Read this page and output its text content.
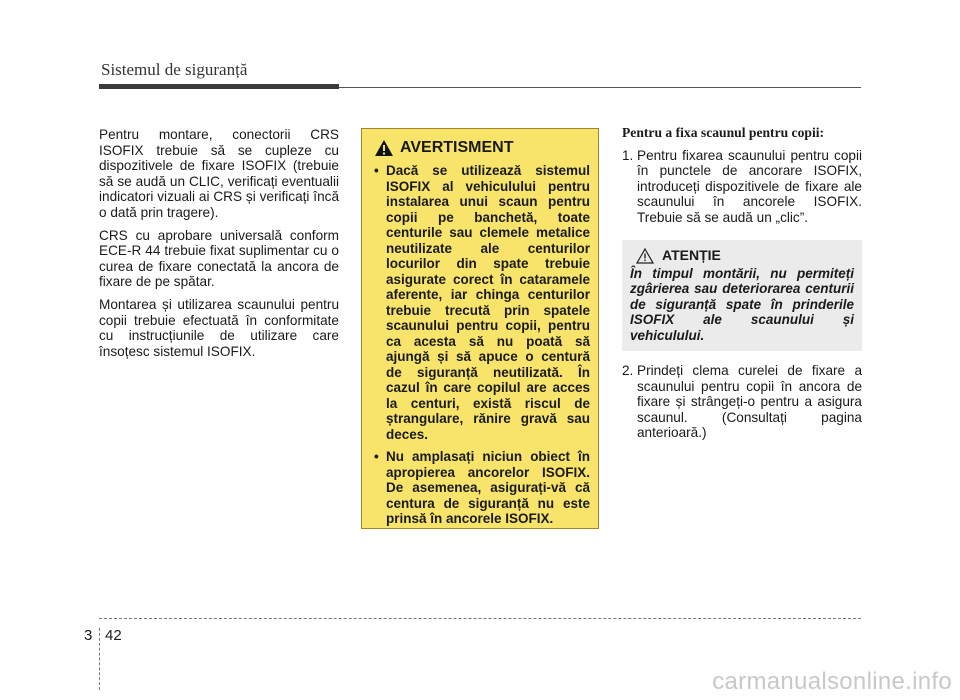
Sistemul de siguranță

Pentru montare, conectorii CRS ISOFIX trebuie să se cupleze cu dispozitivele de fixare ISOFIX (trebuie să se audă un CLIC, verificați eventualii indicatori vizuali ai CRS și verificați încă o dată prin tragere).

CRS cu aprobare universală conform ECE-R 44 trebuie fixat suplimentar cu o curea de fixare conectată la ancora de fixare de pe spătar.

Montarea și utilizarea scaunului pentru copii trebuie efectuată în conformitate cu instrucțiunile de utilizare care însoțesc sistemul ISOFIX.

AVERTISMENT
• Dacă se utilizează sistemul ISOFIX al vehiculului pentru instalarea unui scaun pentru copii pe banchetă, toate centurile sau clemele metalice neutilizate ale centurilor locurilor din spate trebuie asigurate corect în cataramele aferente, iar chinga centurilor trebuie trecută prin spatele scaunului pentru copii, pentru ca acesta să nu poată să ajungă și să apuce o centură de siguranță neutilizată. În cazul în care copilul are acces la centuri, există riscul de ștrangulare, rănire gravă sau deces.
• Nu amplasați niciun obiect în apropierea ancorelor ISOFIX. De asemenea, asigurați-vă că centura de siguranță nu este prinsă în ancorele ISOFIX.

Pentru a fixa scaunul pentru copii:

1. Pentru fixarea scaunului pentru copii în punctele de ancorare ISOFIX, introduceți dispozitivele de fixare ale scaunului în ancorele ISOFIX. Trebuie să se audă un „clic”.
ATENȚIE
În timpul montării, nu permiteți zgârierea sau deteriorarea centurii de siguranță spate în prinderile ISOFIX ale scaunului și vehiculului.
2. Prindeți clema curelei de fixare a scaunului pentru copii în ancora de fixare și strângeți-o pentru a asigura scaunul. (Consultați pagina anterioară.)
3 42
carmanualsonline.info
